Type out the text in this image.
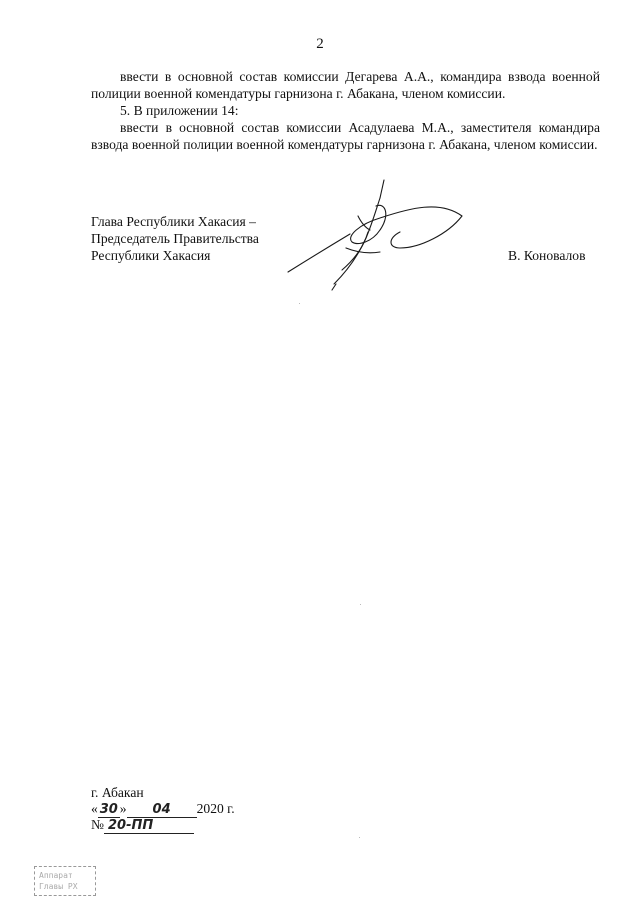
2
ввести в основной состав комиссии Дегарева А.А., командира взвода военной полиции военной комендатуры гарнизона г. Абакана, членом комиссии.
5. В приложении 14:
ввести в основной состав комиссии Асадулаева М.А., заместителя командира взвода военной полиции военной комендатуры гарнизона г. Абакана, членом комиссии.
Глава Республики Хакасия –
Председатель Правительства
Республики Хакасия	В. Коновалов
г. Абакан
« 30 » 04 2020 г.
№ 20-ПП
Аппарат
Главы РХ
